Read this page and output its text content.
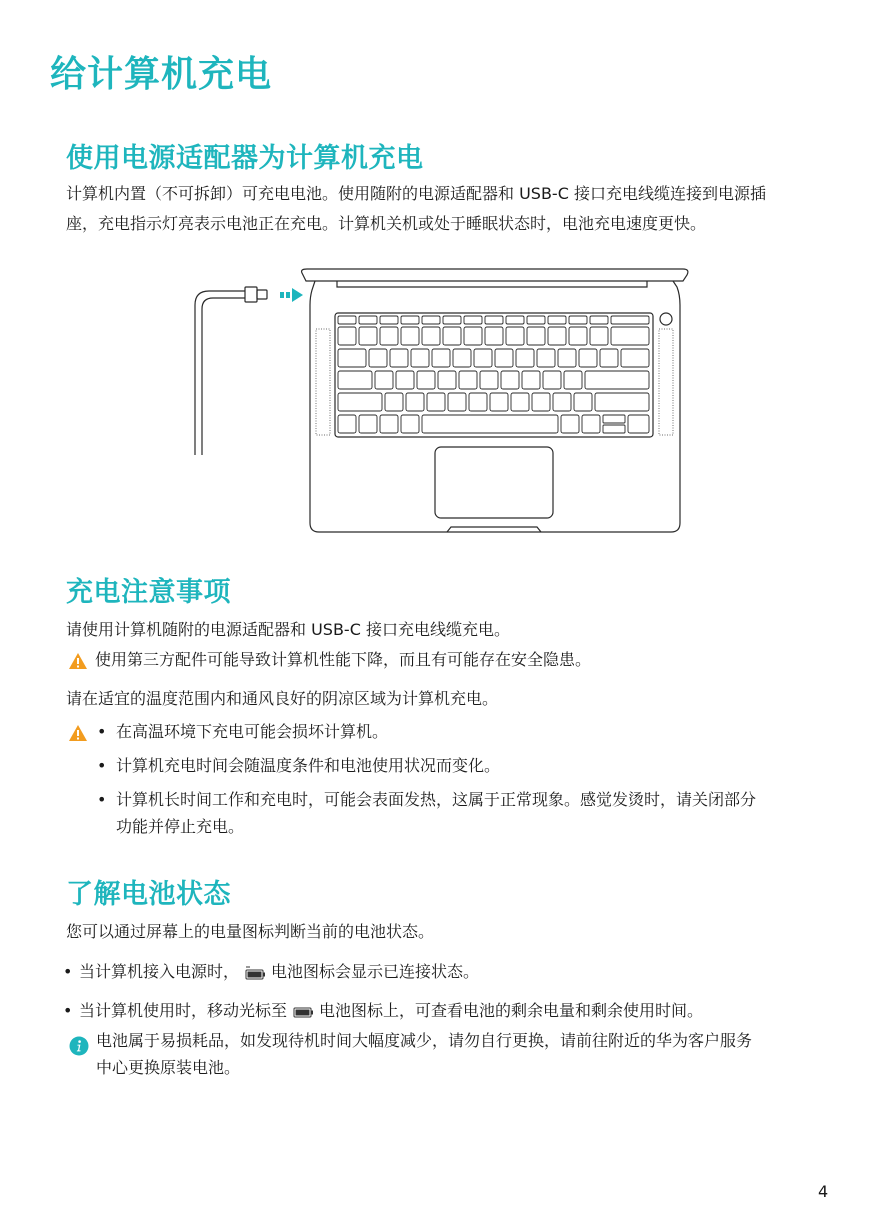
给计算机充电
使用电源适配器为计算机充电

计算机内置（不可拆卸）可充电电池。使用随附的电源适配器和 USB-C 接口充电线缆连接到电源插

座，充电指示灯亮表示电池正在充电。计算机关机或处于睡眠状态时，电池充电速度更快。

充电注意事项

请使用计算机随附的电源适配器和 USB-C 接口充电线缆充电。

使用第三方配件可能导致计算机性能下降，而且有可能存在安全隐患。

请在适宜的温度范围内和通风良好的阴凉区域为计算机充电。

• 在高温环境下充电可能会损坏计算机。

• 计算机充电时间会随温度条件和电池使用状况而变化。

• 计算机长时间工作和充电时，可能会表面发热，这属于正常现象。感觉发烫时，请关闭部分

功能并停止充电。

了解电池状态

您可以通过屏幕上的电量图标判断当前的电池状态。

• 当计算机接入电源时， 电池图标会显示已连接状态。

• 当计算机使用时，移动光标至 电池图标上，可查看电池的剩余电量和剩余使用时间。

电池属于易损耗品，如发现待机时间大幅度减少，请勿自行更换，请前往附近的华为客户服务

中心更换原装电池。

4
